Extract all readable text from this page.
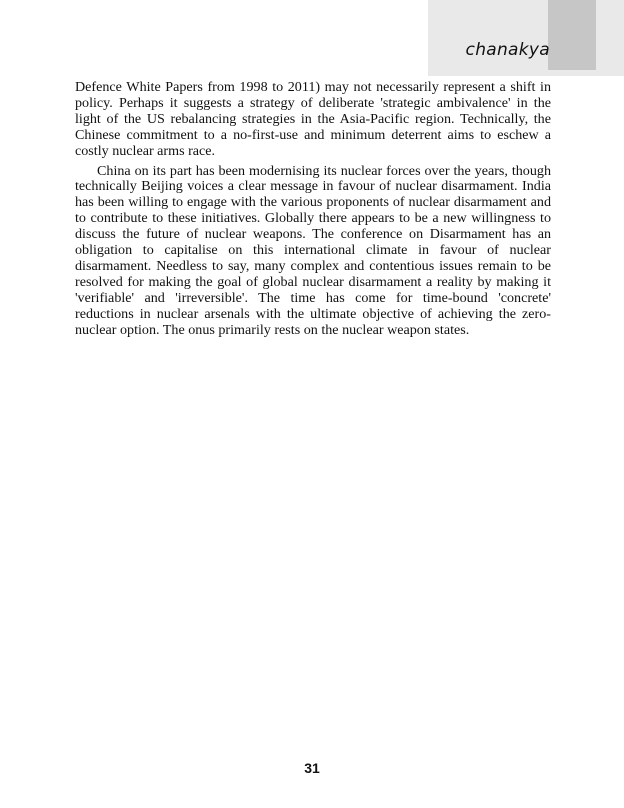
chanakya

Defence White Papers from 1998 to 2011) may not necessarily represent a shift in policy. Perhaps it suggests a strategy of deliberate 'strategic ambivalence' in the light of the US rebalancing strategies in the Asia-Pacific region. Technically, the Chinese commitment to a no-first-use and minimum deterrent aims to eschew a costly nuclear arms race.

China on its part has been modernising its nuclear forces over the years, though technically Beijing voices a clear message in favour of nuclear disarmament. India has been willing to engage with the various proponents of nuclear disarmament and to contribute to these initiatives. Globally there appears to be a new willingness to discuss the future of nuclear weapons. The conference on Disarmament has an obligation to capitalise on this international climate in favour of nuclear disarmament. Needless to say, many complex and contentious issues remain to be resolved for making the goal of global nuclear disarmament a reality by making it 'verifiable' and 'irreversible'. The time has come for time-bound 'concrete' reductions in nuclear arsenals with the ultimate objective of achieving the zero-nuclear option. The onus primarily rests on the nuclear weapon states.

31
